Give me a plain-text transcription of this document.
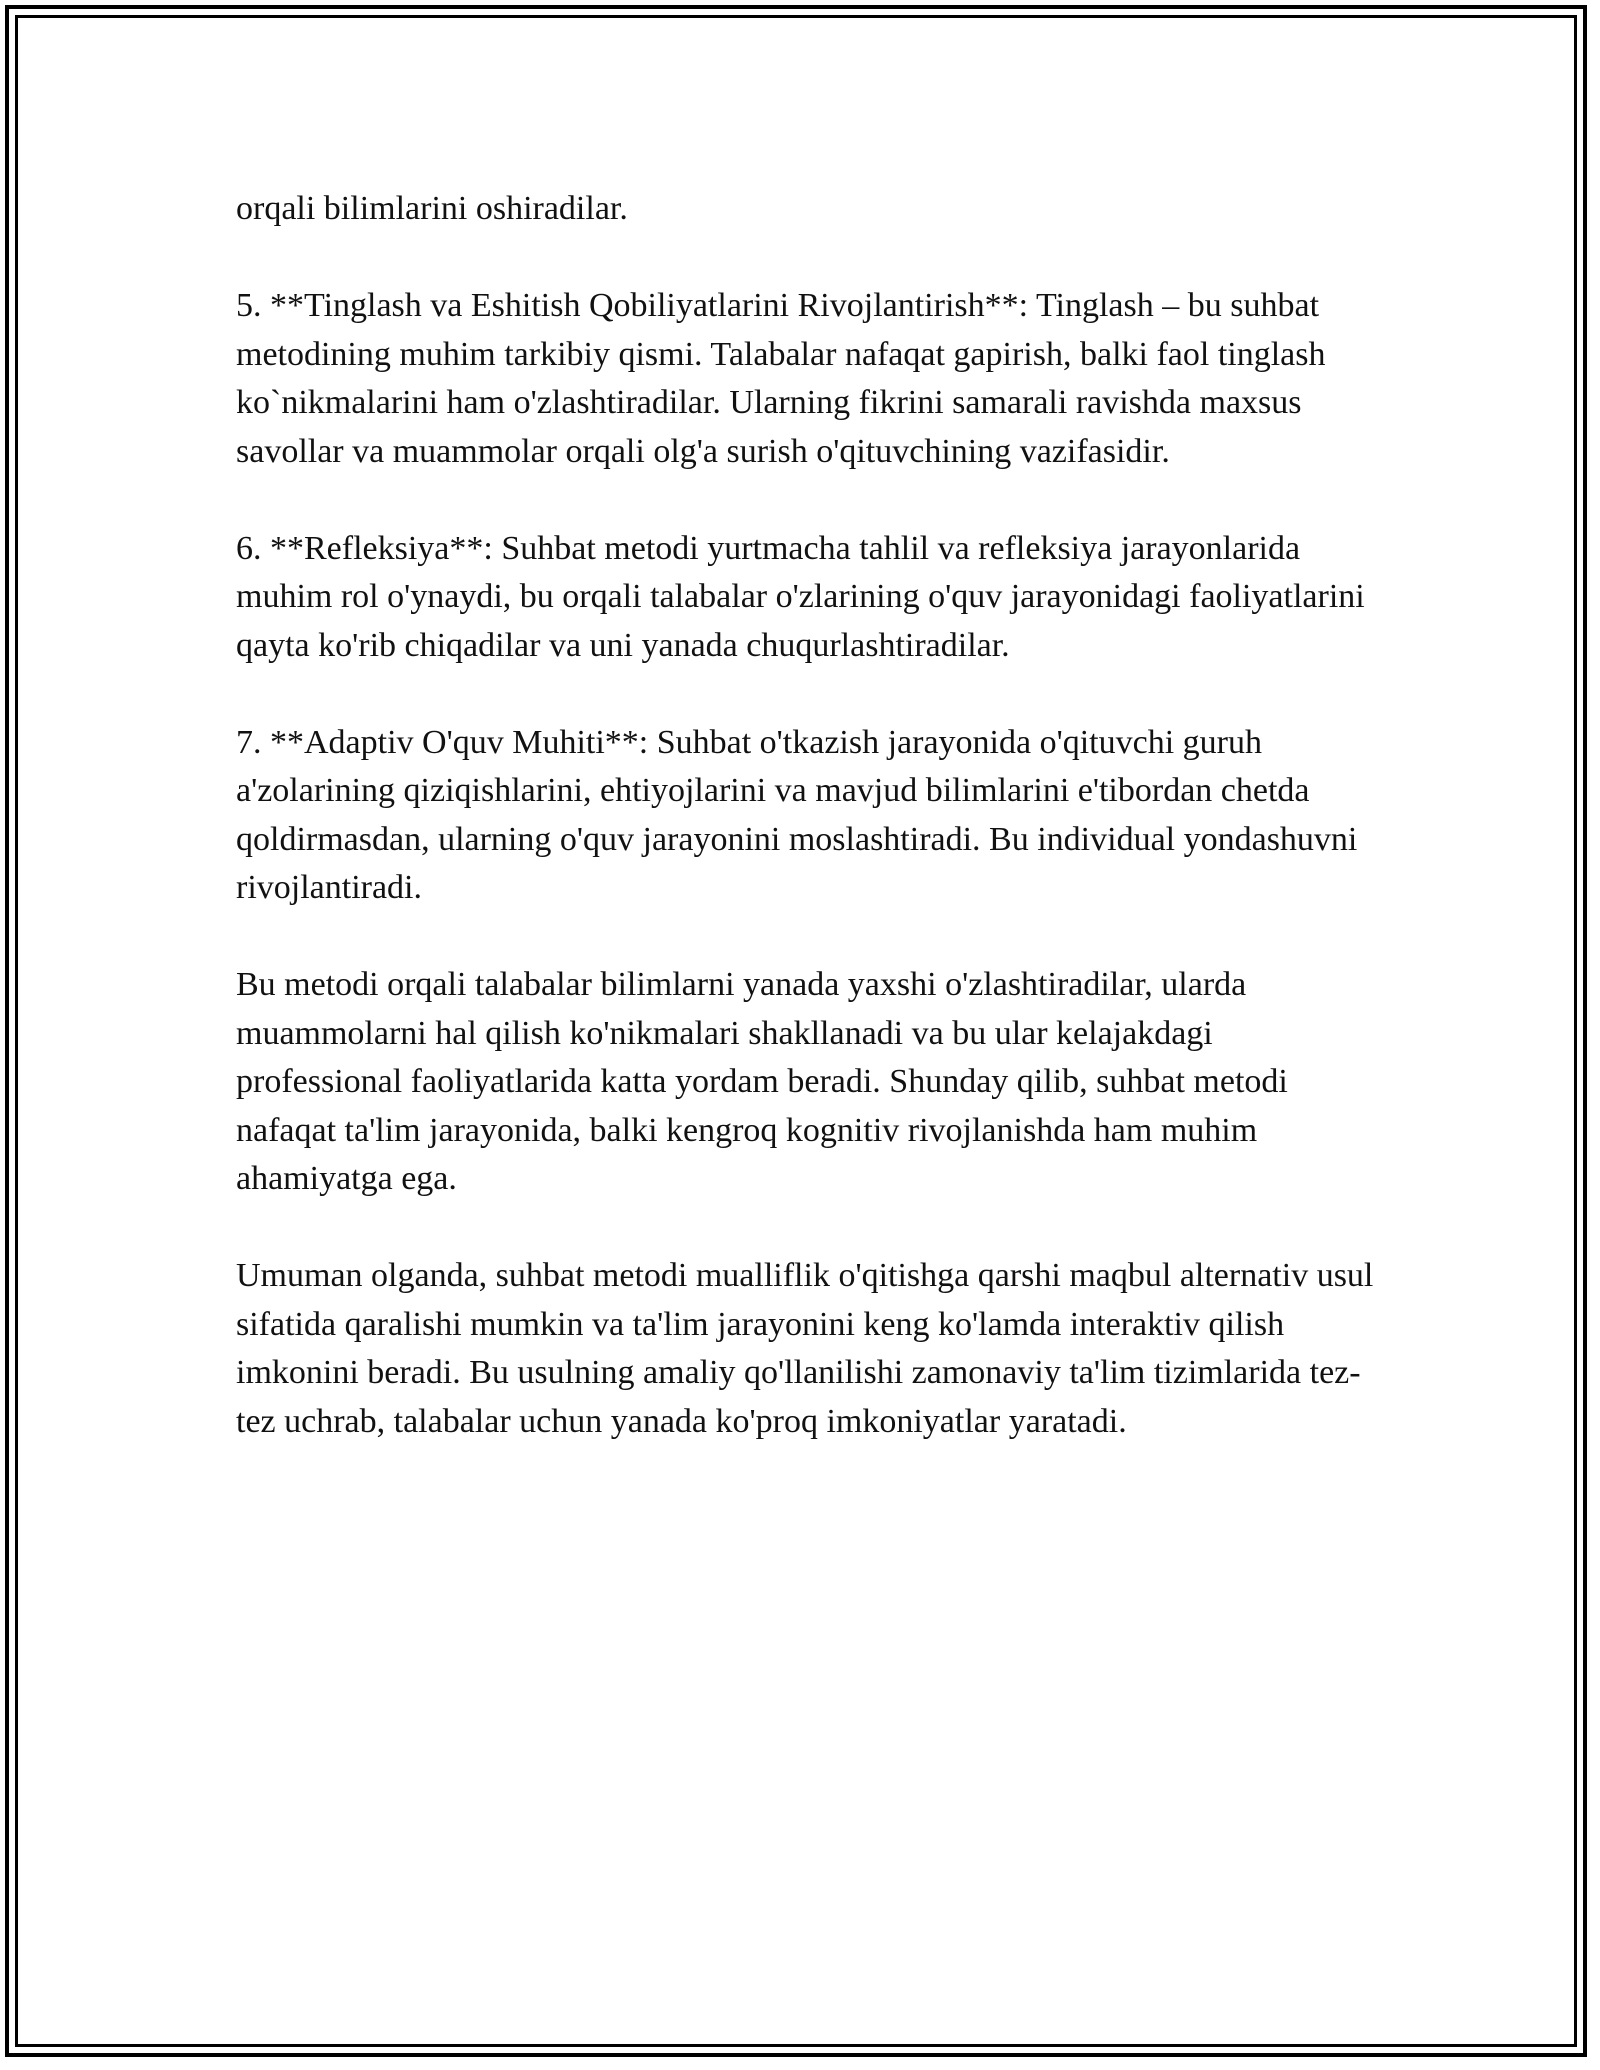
orqali bilimlarini oshiradilar.

5. **Tinglash va Eshitish Qobiliyatlarini Rivojlantirish**: Tinglash – bu suhbat metodining muhim tarkibiy qismi. Talabalar nafaqat gapirish, balki faol tinglash ko`nikmalarini ham o'zlashtiradilar. Ularning fikrini samarali ravishda maxsus savollar va muammolar orqali olg'a surish o'qituvchining vazifasidir.

6. **Refleksiya**: Suhbat metodi yurtmacha tahlil va refleksiya jarayonlarida muhim rol o'ynaydi, bu orqali talabalar o'zlarining o'quv jarayonidagi faoliyatlarini qayta ko'rib chiqadilar va uni yanada chuqurlashtiradilar.

7. **Adaptiv O'quv Muhiti**: Suhbat o'tkazish jarayonida o'qituvchi guruh a'zolarining qiziqishlarini, ehtiyojlarini va mavjud bilimlarini e'tibordan chetda qoldirmasdan, ularning o'quv jarayonini moslashtiradi. Bu individual yondashuvni rivojlantiradi.

Bu metodi orqali talabalar bilimlarni yanada yaxshi o'zlashtiradilar, ularda muammolarni hal qilish ko'nikmalari shakllanadi va bu ular kelajakdagi professional faoliyatlarida katta yordam beradi. Shunday qilib, suhbat metodi nafaqat ta'lim jarayonida, balki kengroq kognitiv rivojlanishda ham muhim ahamiyatga ega.

Umuman olganda, suhbat metodi mualliflik o'qitishga qarshi maqbul alternativ usul sifatida qaralishi mumkin va ta'lim jarayonini keng ko'lamda interaktiv qilish imkonini beradi. Bu usulning amaliy qo'llanilishi zamonaviy ta'lim tizimlarida tez-tez uchrab, talabalar uchun yanada ko'proq imkoniyatlar yaratadi.
